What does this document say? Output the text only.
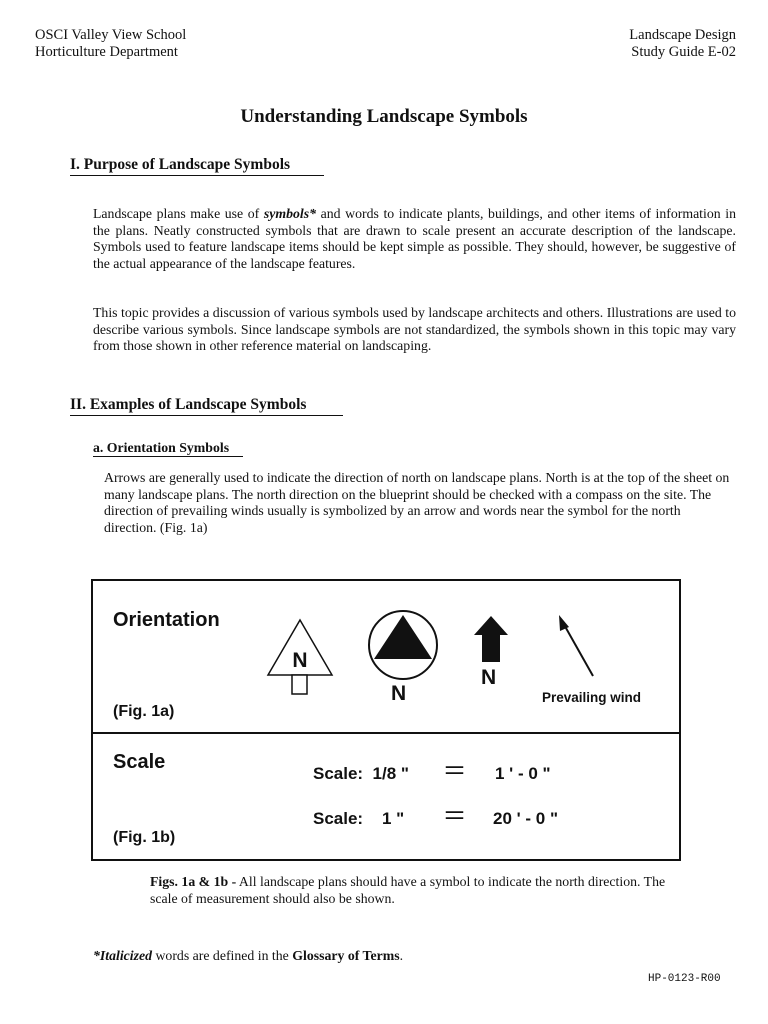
OSCI Valley View School
Horticulture Department
Landscape Design
Study Guide E-02
Understanding Landscape Symbols
I. Purpose of Landscape Symbols
Landscape plans make use of symbols* and words to indicate plants, buildings, and other items of information in the plans. Neatly constructed symbols that are drawn to scale present an accurate description of the landscape. Symbols used to feature landscape items should be kept simple as possible. They should, however, be suggestive of the actual appearance of the landscape features.
This topic provides a discussion of various symbols used by landscape architects and others. Illustrations are used to describe various symbols. Since landscape symbols are not standardized, the symbols shown in this topic may vary from those shown in other reference material on landscaping.
II. Examples of Landscape Symbols
a. Orientation Symbols
Arrows are generally used to indicate the direction of north on landscape plans. North is at the top of the sheet on many landscape plans. The north direction on the blueprint should be checked with a compass on the site. The direction of prevailing winds usually is symbolized by an arrow and words near the symbol for the north direction. (Fig. 1a)
Orientation
(Fig. 1a)
N
N
N
Prevailing wind
Scale
(Fig. 1b)
Scale:  1/8 " = 1 ' - 0 "
Scale:    1 " = 20 ' - 0 "
Figs. 1a & 1b - All landscape plans should have a symbol to indicate the north direction. The scale of measurement should also be shown.
*Italicized words are defined in the Glossary of Terms.
HP-0123-R00
